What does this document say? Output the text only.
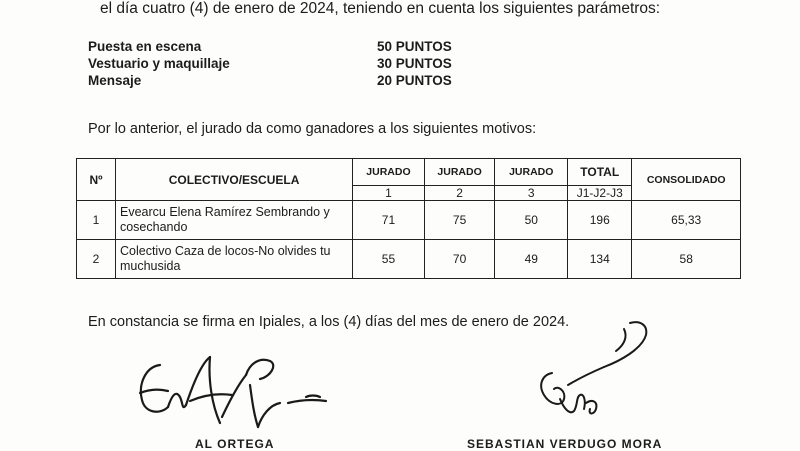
el día cuatro (4) de enero de 2024, teniendo en cuenta los siguientes parámetros:
Puesta en escena	50 PUNTOS
Vestuario y maquillaje	30 PUNTOS
Mensaje	20 PUNTOS
Por lo anterior, el jurado da como ganadores a los siguientes motivos:
Nº	COLECTIVO/ESCUELA	JURADO	JURADO	JURADO	TOTAL	CONSOLIDADO
		1	2	3	J1-J2-J3	
1	Evearcu Elena Ramírez Sembrando y cosechando	71	75	50	196	65,33
2	Colectivo Caza de locos-No olvides tu muchusida	55	70	49	134	58
En constancia se firma en Ipiales, a los (4) días del mes de enero de 2024.
AL ORTEGA	SEBASTIAN VERDUGO MORA
